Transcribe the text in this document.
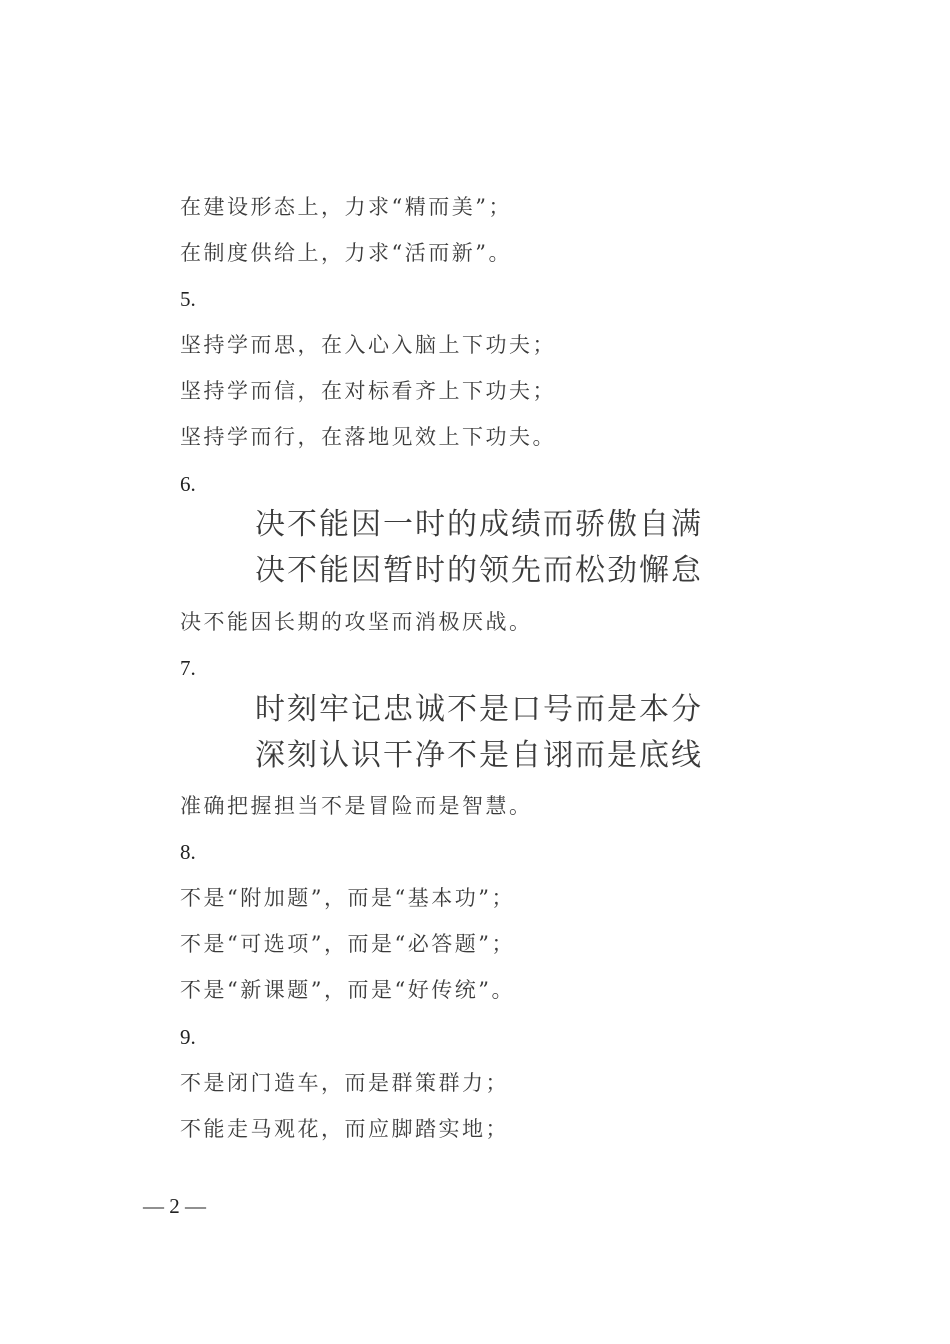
在建设形态上，力求“精而美”；
在制度供给上，力求“活而新”。
5.
坚持学而思，在入心入脑上下功夫；
坚持学而信，在对标看齐上下功夫；
坚持学而行，在落地见效上下功夫。
6.
决不能因一时的成绩而骄傲自满
决不能因暂时的领先而松劲懈怠
决不能因长期的攻坚而消极厌战。
7.
时刻牢记忠诚不是口号而是本分
深刻认识干净不是自诩而是底线
准确把握担当不是冒险而是智慧。
8.
不是“附加题”，而是“基本功”；
不是“可选项”，而是“必答题”；
不是“新课题”，而是“好传统”。
9.
不是闭门造车，而是群策群力；
不能走马观花，而应脚踏实地；
— 2 —
